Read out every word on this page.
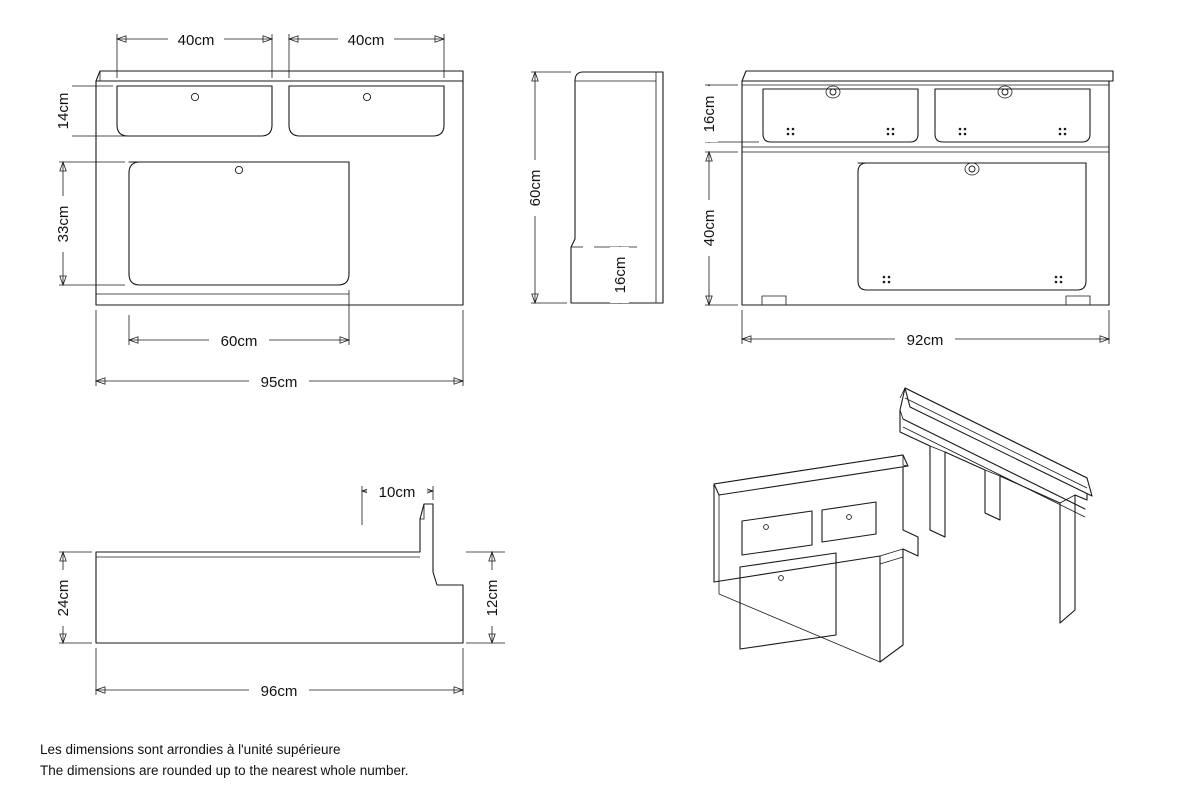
40cm	40cm
14cm
33cm
60cm
95cm
60cm
16cm
16cm
40cm
92cm
10cm
24cm	12cm
96cm
Les dimensions sont arrondies à l'unité supérieure
The dimensions are rounded up to the nearest whole number.
